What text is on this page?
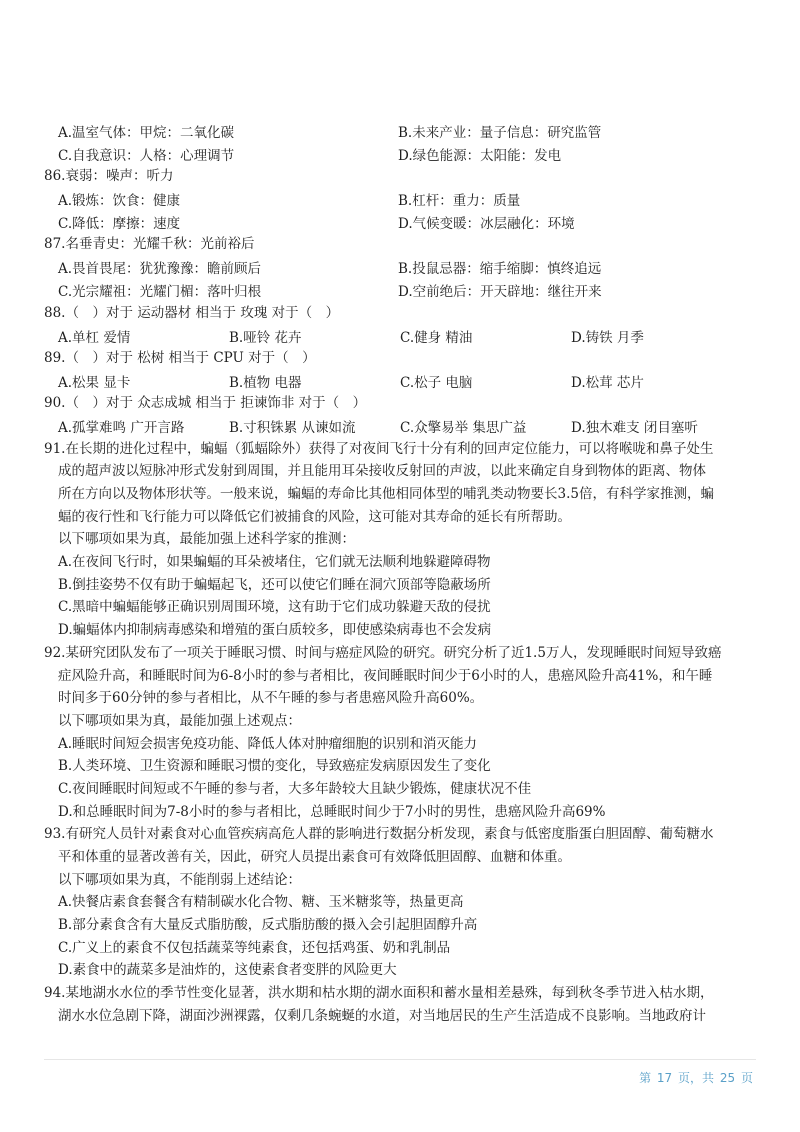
A.温室气体：甲烷：二氧化碳	B.未来产业：量子信息：研究监管
C.自我意识：人格：心理调节	D.绿色能源：太阳能：发电
86.衰弱：噪声：听力
A.锻炼：饮食：健康	B.杠杆：重力：质量
C.降低：摩擦：速度	D.气候变暖：冰层融化：环境
87.名垂青史：光耀千秋：光前裕后
A.畏首畏尾：犹犹豫豫：瞻前顾后	B.投鼠忌器：缩手缩脚：慎终追远
C.光宗耀祖：光耀门楣：落叶归根	D.空前绝后：开天辟地：继往开来
88.（　）对于 运动器材 相当于 玫瑰 对于（　）
A.单杠 爱情	B.哑铃 花卉	C.健身 精油	D.铸铁 月季
89.（　）对于 松树 相当于 CPU 对于（　）
A.松果 显卡	B.植物 电器	C.松子 电脑	D.松茸 芯片
90.（　）对于 众志成城 相当于 拒谏饰非 对于（　）
A.孤掌难鸣 广开言路	B.寸积铢累 从谏如流	C.众擎易举 集思广益	D.独木难支 闭目塞听
91.在长期的进化过程中，蝙蝠（狐蝠除外）获得了对夜间飞行十分有利的回声定位能力，可以将喉咙和鼻子处生
成的超声波以短脉冲形式发射到周围，并且能用耳朵接收反射回的声波，以此来确定自身到物体的距离、物体
所在方向以及物体形状等。一般来说，蝙蝠的寿命比其他相同体型的哺乳类动物要长3.5倍，有科学家推测，蝙
蝠的夜行性和飞行能力可以降低它们被捕食的风险，这可能对其寿命的延长有所帮助。
以下哪项如果为真，最能加强上述科学家的推测：
A.在夜间飞行时，如果蝙蝠的耳朵被堵住，它们就无法顺利地躲避障碍物
B.倒挂姿势不仅有助于蝙蝠起飞，还可以使它们睡在洞穴顶部等隐蔽场所
C.黑暗中蝙蝠能够正确识别周围环境，这有助于它们成功躲避天敌的侵扰
D.蝙蝠体内抑制病毒感染和增殖的蛋白质较多，即使感染病毒也不会发病
92.某研究团队发布了一项关于睡眠习惯、时间与癌症风险的研究。研究分析了近1.5万人，发现睡眠时间短导致癌
症风险升高，和睡眠时间为6-8小时的参与者相比，夜间睡眠时间少于6小时的人，患癌风险升高41%，和午睡
时间多于60分钟的参与者相比，从不午睡的参与者患癌风险升高60%。
以下哪项如果为真，最能加强上述观点：
A.睡眠时间短会损害免疫功能、降低人体对肿瘤细胞的识别和消灭能力
B.人类环境、卫生资源和睡眠习惯的变化，导致癌症发病原因发生了变化
C.夜间睡眠时间短或不午睡的参与者，大多年龄较大且缺少锻炼，健康状况不佳
D.和总睡眠时间为7-8小时的参与者相比，总睡眠时间少于7小时的男性，患癌风险升高69%
93.有研究人员针对素食对心血管疾病高危人群的影响进行数据分析发现，素食与低密度脂蛋白胆固醇、葡萄糖水
平和体重的显著改善有关，因此，研究人员提出素食可有效降低胆固醇、血糖和体重。
以下哪项如果为真，不能削弱上述结论：
A.快餐店素食套餐含有精制碳水化合物、糖、玉米糖浆等，热量更高
B.部分素食含有大量反式脂肪酸，反式脂肪酸的摄入会引起胆固醇升高
C.广义上的素食不仅包括蔬菜等纯素食，还包括鸡蛋、奶和乳制品
D.素食中的蔬菜多是油炸的，这使素食者变胖的风险更大
94.某地湖水水位的季节性变化显著，洪水期和枯水期的湖水面积和蓄水量相差悬殊，每到秋冬季节进入枯水期，
湖水水位急剧下降，湖面沙洲裸露，仅剩几条蜿蜒的水道，对当地居民的生产生活造成不良影响。当地政府计
第 17 页，共 25 页
